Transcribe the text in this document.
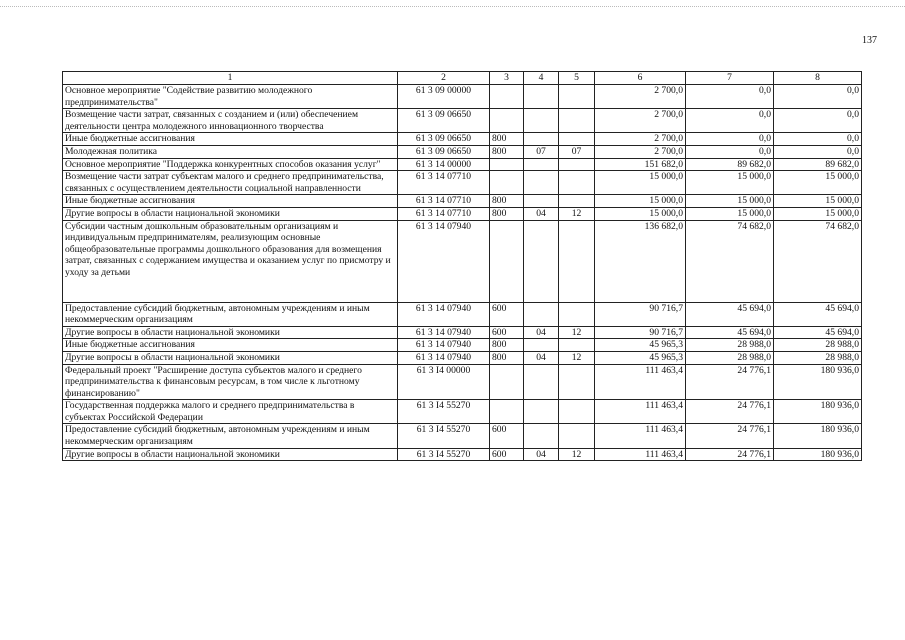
137
1	2	3	4	5	6	7	8
Основное мероприятие "Содействие развитию молодежного предпринимательства"	61 3 09 00000				2 700,0	0,0	0,0
Возмещение части затрат, связанных с созданием и (или) обеспечением деятельности центра молодежного инновационного творчества	61 3 09 06650				2 700,0	0,0	0,0
Иные бюджетные ассигнования	61 3 09 06650	800			2 700,0	0,0	0,0
Молодежная политика	61 3 09 06650	800	07	07	2 700,0	0,0	0,0
Основное мероприятие "Поддержка конкурентных способов оказания услуг"	61 3 14 00000				151 682,0	89 682,0	89 682,0
Возмещение части затрат субъектам малого и среднего предпринимательства, связанных с осуществлением деятельности социальной направленности	61 3 14 07710				15 000,0	15 000,0	15 000,0
Иные бюджетные ассигнования	61 3 14 07710	800			15 000,0	15 000,0	15 000,0
Другие вопросы в области национальной экономики	61 3 14 07710	800	04	12	15 000,0	15 000,0	15 000,0
Субсидии частным дошкольным образовательным организациям и индивидуальным предпринимателям, реализующим основные общеобразовательные программы дошкольного образования для возмещения затрат, связанных с содержанием имущества и оказанием услуг по присмотру и уходу за детьми	61 3 14 07940				136 682,0	74 682,0	74 682,0
Предоставление субсидий бюджетным, автономным учреждениям и иным некоммерческим организациям	61 3 14 07940	600			90 716,7	45 694,0	45 694,0
Другие вопросы в области национальной экономики	61 3 14 07940	600	04	12	90 716,7	45 694,0	45 694,0
Иные бюджетные ассигнования	61 3 14 07940	800			45 965,3	28 988,0	28 988,0
Другие вопросы в области национальной экономики	61 3 14 07940	800	04	12	45 965,3	28 988,0	28 988,0
Федеральный проект "Расширение доступа субъектов малого и среднего предпринимательства к финансовым ресурсам, в том числе к льготному финансированию"	61 3 I4 00000				111 463,4	24 776,1	180 936,0
Государственная поддержка малого и среднего предпринимательства в субъектах Российской Федерации	61 3 I4 55270				111 463,4	24 776,1	180 936,0
Предоставление субсидий бюджетным, автономным учреждениям и иным некоммерческим организациям	61 3 I4 55270	600			111 463,4	24 776,1	180 936,0
Другие вопросы в области национальной экономики	61 3 I4 55270	600	04	12	111 463,4	24 776,1	180 936,0
